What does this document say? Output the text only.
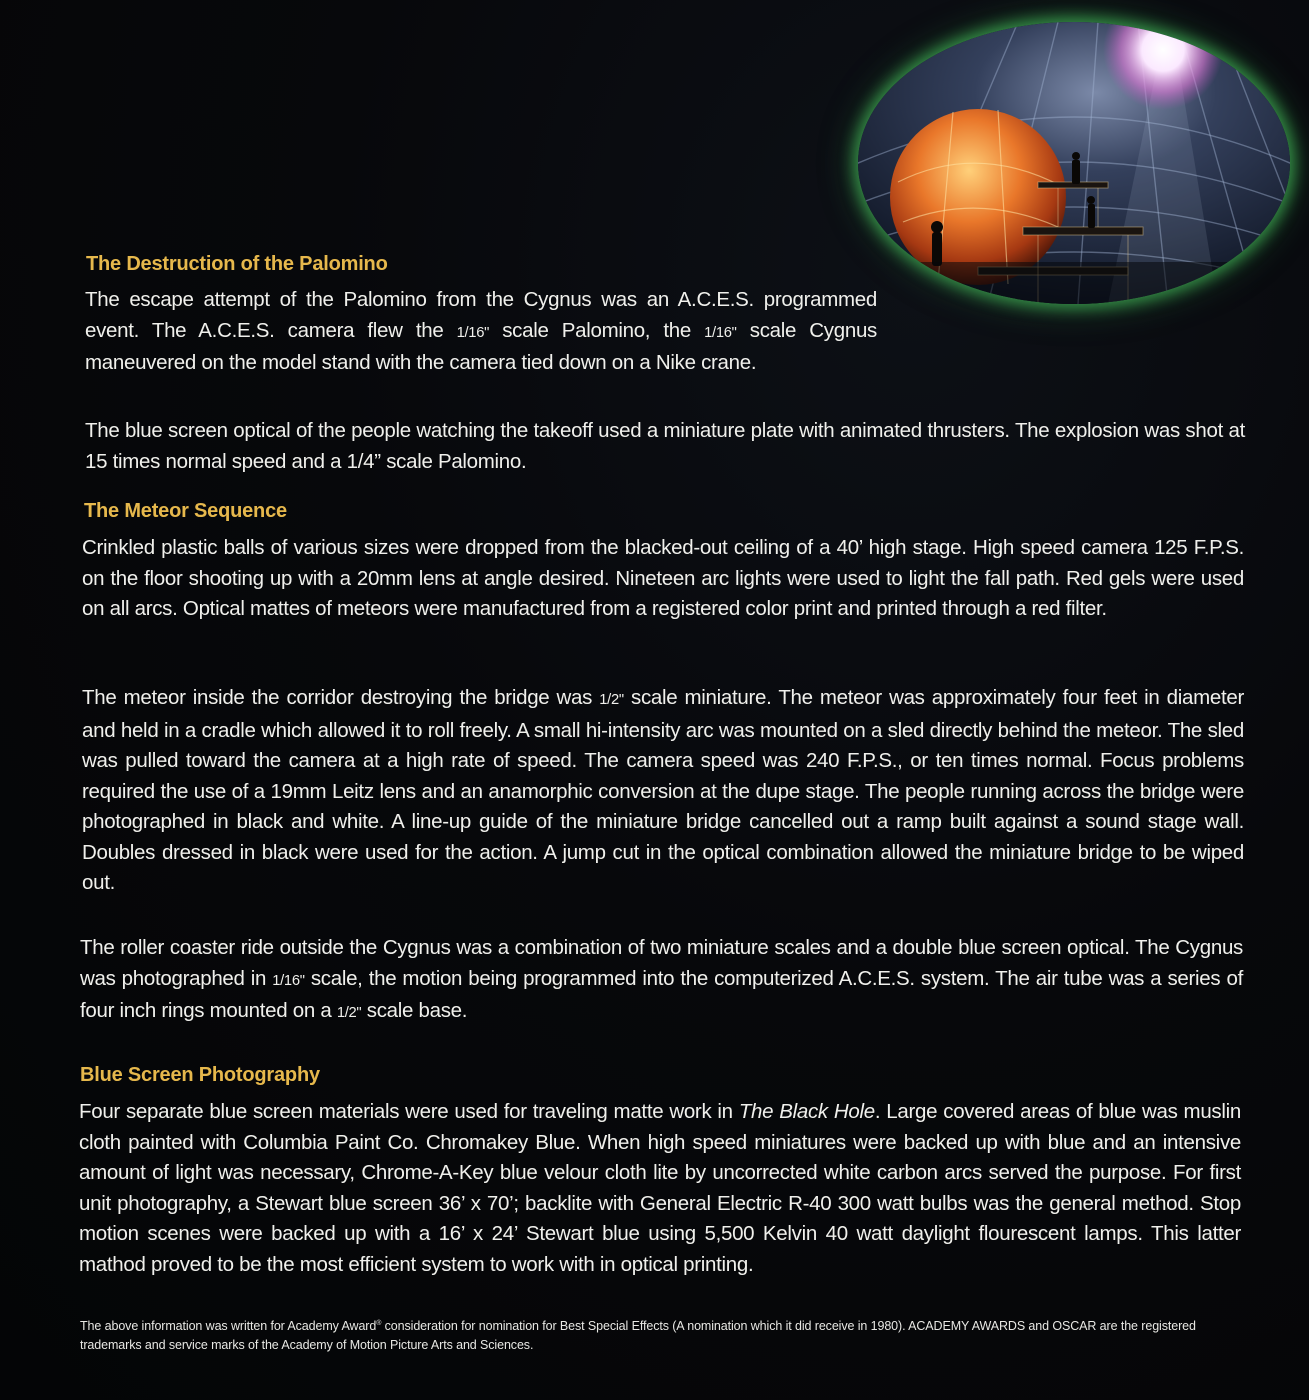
The Destruction of the Palomino

The escape attempt of the Palomino from the Cygnus was an A.C.E.S. programmed event. The A.C.E.S. camera flew the 1/16" scale Palomino, the 1/16" scale Cygnus maneuvered on the model stand with the camera tied down on a Nike crane.

The blue screen optical of the people watching the takeoff used a miniature plate with animated thrusters. The explosion was shot at 15 times normal speed and a 1/4” scale Palomino.

The Meteor Sequence

Crinkled plastic balls of various sizes were dropped from the blacked-out ceiling of a 40’ high stage. High speed camera 125 F.P.S. on the floor shooting up with a 20mm lens at angle desired. Nineteen arc lights were used to light the fall path. Red gels were used on all arcs. Optical mattes of meteors were manufactured from a registered color print and printed through a red filter.

The meteor inside the corridor destroying the bridge was 1/2" scale miniature. The meteor was approximately four feet in diameter and held in a cradle which allowed it to roll freely. A small hi-intensity arc was mounted on a sled directly behind the meteor. The sled was pulled toward the camera at a high rate of speed. The camera speed was 240 F.P.S., or ten times normal. Focus problems required the use of a 19mm Leitz lens and an anamorphic conversion at the dupe stage. The people running across the bridge were photographed in black and white. A line-up guide of the miniature bridge cancelled out a ramp built against a sound stage wall. Doubles dressed in black were used for the action. A jump cut in the optical combination allowed the miniature bridge to be wiped out.

The roller coaster ride outside the Cygnus was a combination of two miniature scales and a double blue screen optical. The Cygnus was photographed in 1/16" scale, the motion being programmed into the computerized A.C.E.S. system. The air tube was a series of four inch rings mounted on a 1/2" scale base.

Blue Screen Photography

Four separate blue screen materials were used for traveling matte work in The Black Hole. Large covered areas of blue was muslin cloth painted with Columbia Paint Co. Chromakey Blue. When high speed miniatures were backed up with blue and an intensive amount of light was necessary, Chrome-A-Key blue velour cloth lite by uncorrected white carbon arcs served the purpose. For first unit photography, a Stewart blue screen 36’ x 70’; backlite with General Electric R-40 300 watt bulbs was the general method. Stop motion scenes were backed up with a 16’ x 24’ Stewart blue using 5,500 Kelvin 40 watt daylight flourescent lamps. This latter mathod proved to be the most efficient system to work with in optical printing.

The above information was written for Academy Award® consideration for nomination for Best Special Effects (A nomination which it did receive in 1980). ACADEMY AWARDS and OSCAR are the registered trademarks and service marks of the Academy of Motion Picture Arts and Sciences.
